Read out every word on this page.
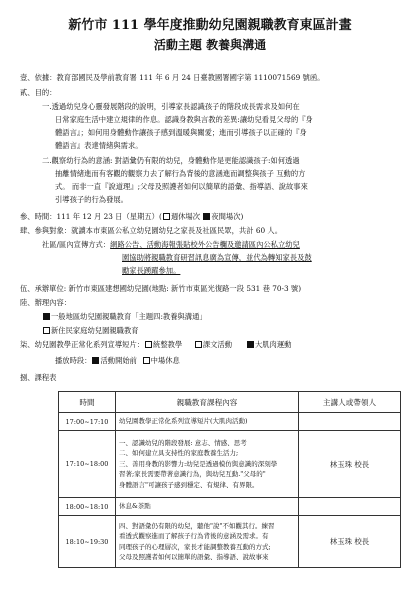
新竹市 111 學年度推動幼兒園親職教育東區計畫
活動主題 教養與溝通
壹、依據：教育部國民及學前教育署 111 年 6 月 24 日臺教國署國字第 1110071569 號函。
貳、目的：
一.透過幼兒身心靈發展階段的說明，引導家長認識孩子的階段成長需求及如何在
日常家庭生活中建立規律的作息。認識身教與言教的差異:讓幼兒看見父母的『身
體語言』；如何用身體動作讓孩子感到溫暖與關愛；進而引導孩子以正確的『身
體語言』表達情緒與需求。
二.觀察幼行為的意涵: 對語彙仍有限的幼兒，身體動作是更能認識孩子:如何透過
抽離情緒進而有客觀的觀察力去了解行為背後的意涵進而調整與孩子 互動的方
式。 而非一直『說道理』;父母及照護者如何以簡單的語彙、指導語、說故事來
引導孩子的行為發展。
參、時間：111 年 12 月 23 日（星期五）( 週休場次 夜間場次)
肆、參與對象：就讀本市東區公私立幼兒園幼兒之家長及社區民眾，共計 60 人。
社區/區內宣傳方式：網路公告、活動海報張貼校外公告欄及邀請區內公私立幼兒
園協助將親職教育研習訊息廣為宣傳，並代為轉知家長及鼓
勵家長踴躍參加。
伍、承辦單位: 新竹市東區建想國幼兒園(地點: 新竹市東區光復路一段 531 巷 70-3 號)
陸、辦理內容：
一般地區幼兒園親職教育「主題四:教養與溝通」
新住民家庭幼兒園親職教育
柒、幼兒園教學正常化系列宣導短片： 統整教學	課文活動	大肌肉運動
播放時段： 活動開始前 中場休息
捌、課程表
時間	親職教育課程內容	主講人或帶領人
17:00~17:10	幼兒園教學正常化系列宣導短片(大肌肉活動)	

17:10~18:00	一、認識幼兒的階段發展: 意志、情感、思考
二、如何建立具支持性的家庭教養生活力;
三、善用身教的影響力:幼兒是透過模仿與意識的深刻學
習著;家長需要帶著意識行為，與幼兒互動."父母的"
身體語言"可讓孩子感到穩定、有規律、有界限。	林玉珠 校長
18:00~18:10	休息&茶點	

18:10~19:30	四、對語彙仍有限的幼兒，聽他"說"不如觀其行。練習
看透式觀察進而了解孩子行為背後的意涵及需求。有
同理孩子的心理層次，家長才能調整教養互動的方式;
父母及照護者如何以簡單的語彙、指導語、說故事來	林玉珠 校長
